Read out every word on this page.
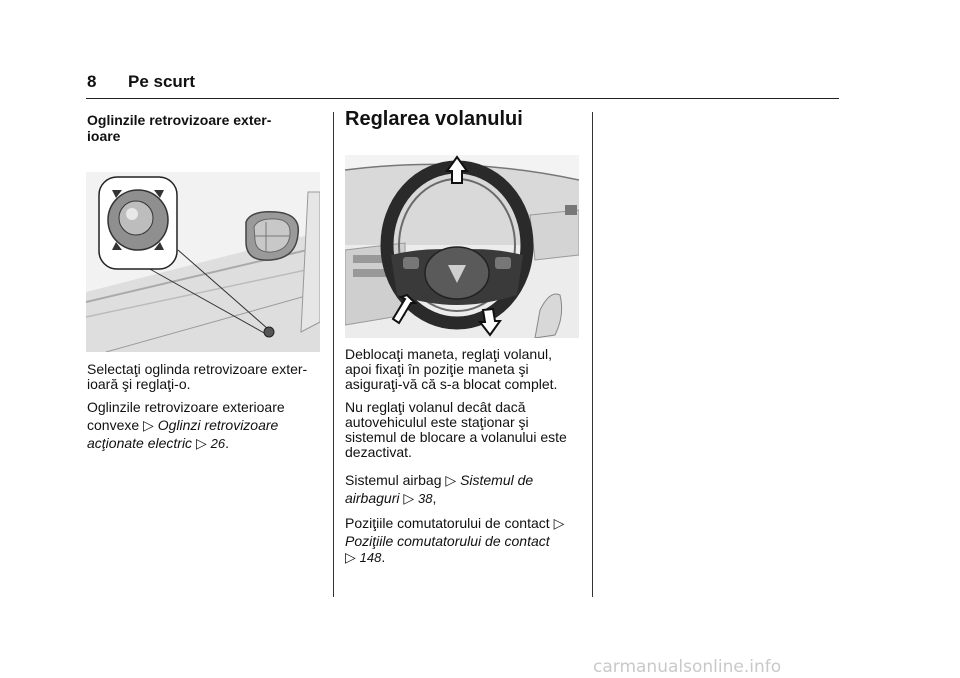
8 Pe scurt
Oglinzile retrovizoare exter-
ioare
Selectaţi oglinda retrovizoare exter-
ioară şi reglaţi-o.
Oglinzile retrovizoare exterioare
convexe ▷ Oglinzi retrovizoare
acţionate electric ▷ 26.
Reglarea volanului
Deblocaţi maneta, reglaţi volanul,
apoi fixaţi în poziţie maneta şi
asiguraţi-vă că s-a blocat complet.
Nu reglaţi volanul decât dacă
autovehiculul este staţionar şi
sistemul de blocare a volanului este
dezactivat.
Sistemul airbag ▷ Sistemul de
airbaguri ▷ 38,
Poziţiile comutatorului de contact ▷
Poziţiile comutatorului de contact
▷ 148.
carmanualsonline.info
